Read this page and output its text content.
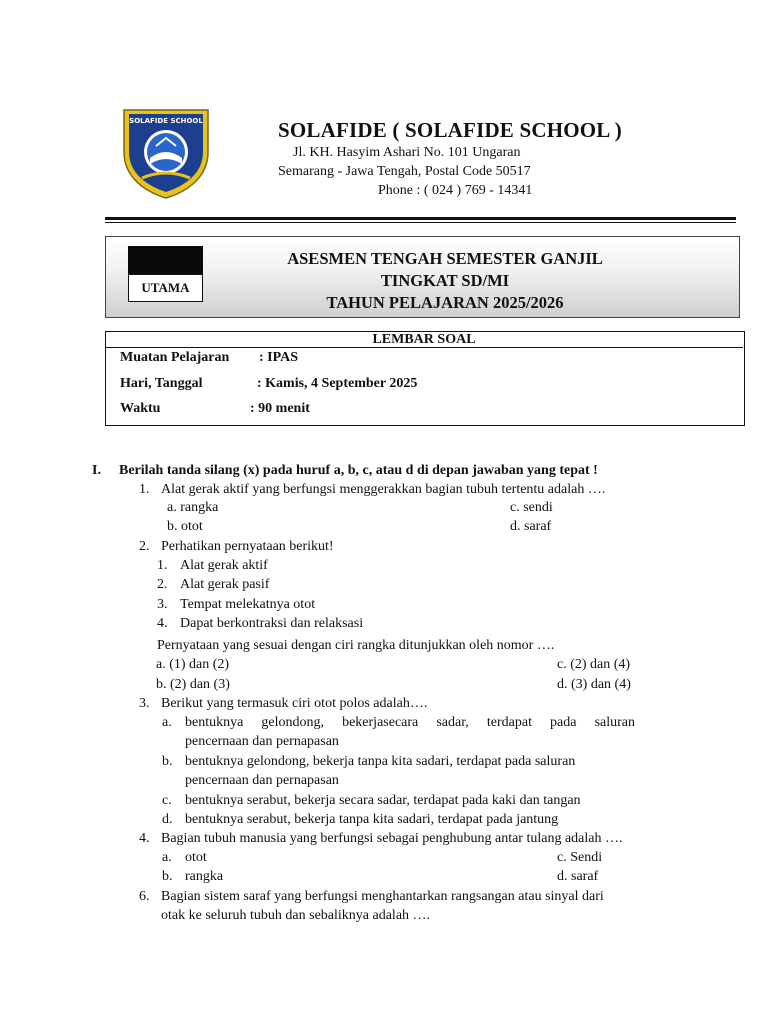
SOLAFIDE SCHOOL	SOLAFIDE ( SOLAFIDE SCHOOL )
Jl. KH. Hasyim Ashari No. 101 Ungaran
Semarang - Jawa Tengah, Postal Code 50517
Phone : ( 024 ) 769 - 14341
UTAMA
ASESMEN TENGAH SEMESTER GANJIL
TINGKAT SD/MI
TAHUN PELAJARAN 2025/2026
LEMBAR SOAL
Muatan Pelajaran : IPAS
Hari, Tanggal	: Kamis, 4 September 2025
Waktu	: 90 menit
I. Berilah tanda silang (x) pada huruf a, b, c, atau d di depan jawaban yang tepat !
1. Alat gerak aktif yang berfungsi menggerakkan bagian tubuh tertentu adalah ….
a. rangka
b. otot
c. sendi
d. saraf
2. Perhatikan pernyataan berikut!
1. Alat gerak aktif
2. Alat gerak pasif
3. Tempat melekatnya otot
4. Dapat berkontraksi dan relaksasi
Pernyataan yang sesuai dengan ciri rangka ditunjukkan oleh nomor ….
a. (1) dan (2)
b. (2) dan (3)
c. (2) dan (4)
d. (3) dan (4)
3. Berikut yang termasuk ciri otot polos adalah….
a. bentuknya gelondong, bekerjasecara sadar, terdapat pada saluran
pencernaan dan pernapasan
b. bentuknya gelondong, bekerja tanpa kita sadari, terdapat pada saluran
pencernaan dan pernapasan
c. bentuknya serabut, bekerja secara sadar, terdapat pada kaki dan tangan
d. bentuknya serabut, bekerja tanpa kita sadari, terdapat pada jantung
4. Bagian tubuh manusia yang berfungsi sebagai penghubung antar tulang adalah ….
a. otot
b. rangka
c. Sendi
d. saraf
6. Bagian sistem saraf yang berfungsi menghantarkan rangsangan atau sinyal dari
otak ke seluruh tubuh dan sebaliknya adalah ….
